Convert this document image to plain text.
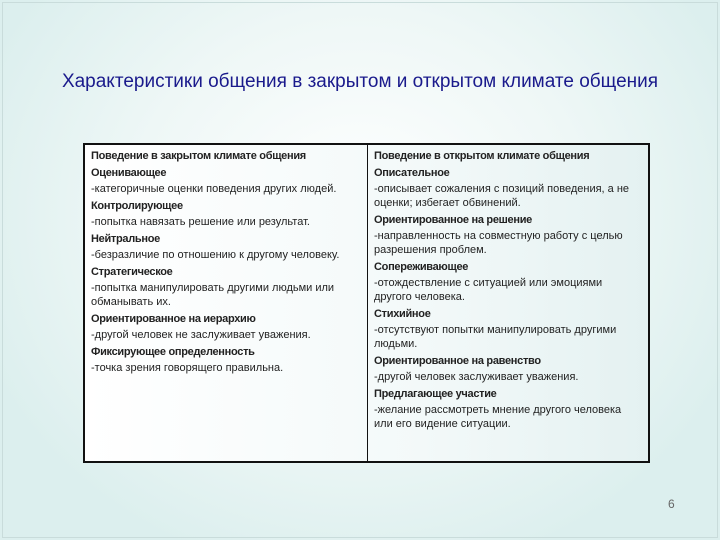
Характеристики общения в закрытом и открытом климате общения
Поведение в закрытом климате общения
Оценивающее
-категоричные оценки поведения других людей.
Контролирующее
-попытка навязать решение или результат.
Нейтральное
-безразличие по отношению к другому человеку.
Стратегическое
-попытка манипулировать другими людьми или обманывать их.
Ориентированное на иерархию
-другой человек не заслуживает уважения.
Фиксирующее определенность
-точка зрения говорящего правильна.
Поведение в открытом климате общения
Описательное
-описывает сожаления с позиций поведения, а не оценки; избегает обвинений.
Ориентированное на решение
-направленность на совместную работу с целью разрешения проблем.
Сопереживающее
-отождествление с ситуацией или эмоциями другого человека.
Стихийное
-отсутствуют попытки манипулировать другими людьми.
Ориентированное на равенство
-другой человек заслуживает уважения.
Предлагающее участие
-желание рассмотреть мнение другого человека или его видение ситуации.
6
